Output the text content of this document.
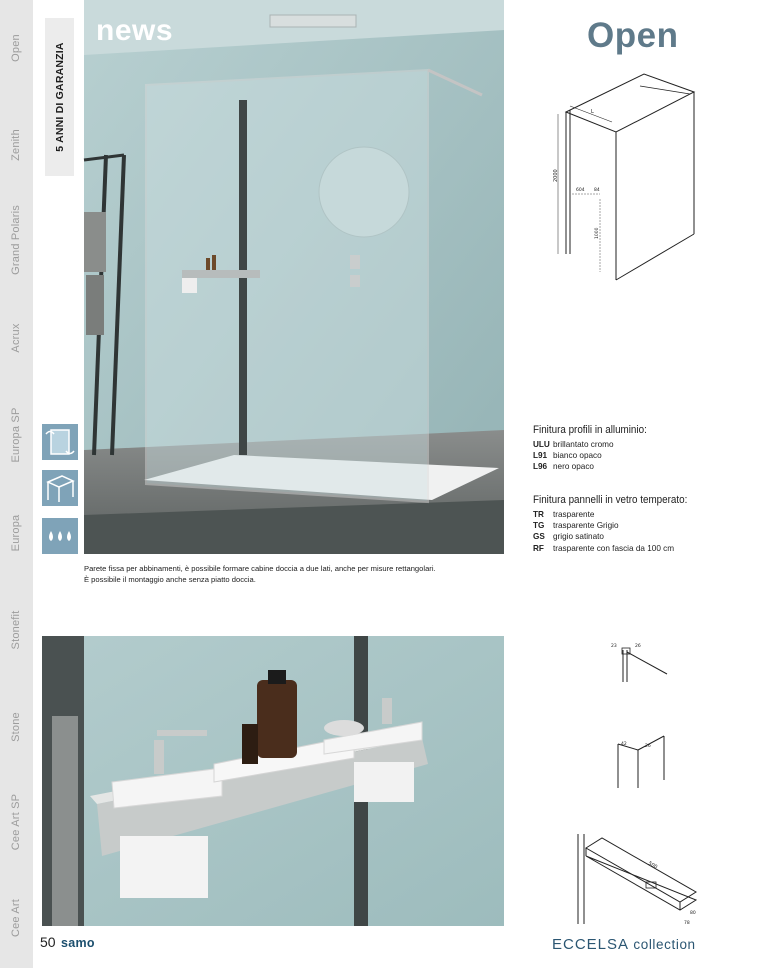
Open
Zenith
Grand Polaris
Acrux
Europa SP
Europa
Stonefit
Stone
Cee Art SP
Cee Art
5 ANNI DI GARANZIA
news
Parete fissa per abbinamenti, è possibile formare cabine doccia a due lati, anche per misure rettangolari.
È possibile il montaggio anche senza piatto doccia.
Open
L
2000
604 84
1000
Finitura profili in alluminio:
ULU brillantato cromo
L91 bianco opaco
L96 nero opaco
Finitura pannelli in vetro temperato:
TR	trasparente
TG	trasparente Grigio
GS grigio satinato
RF	trasparente con fascia da 100 cm
23	26
42	26
500
80
78
50 samo	ECCELSA collection
